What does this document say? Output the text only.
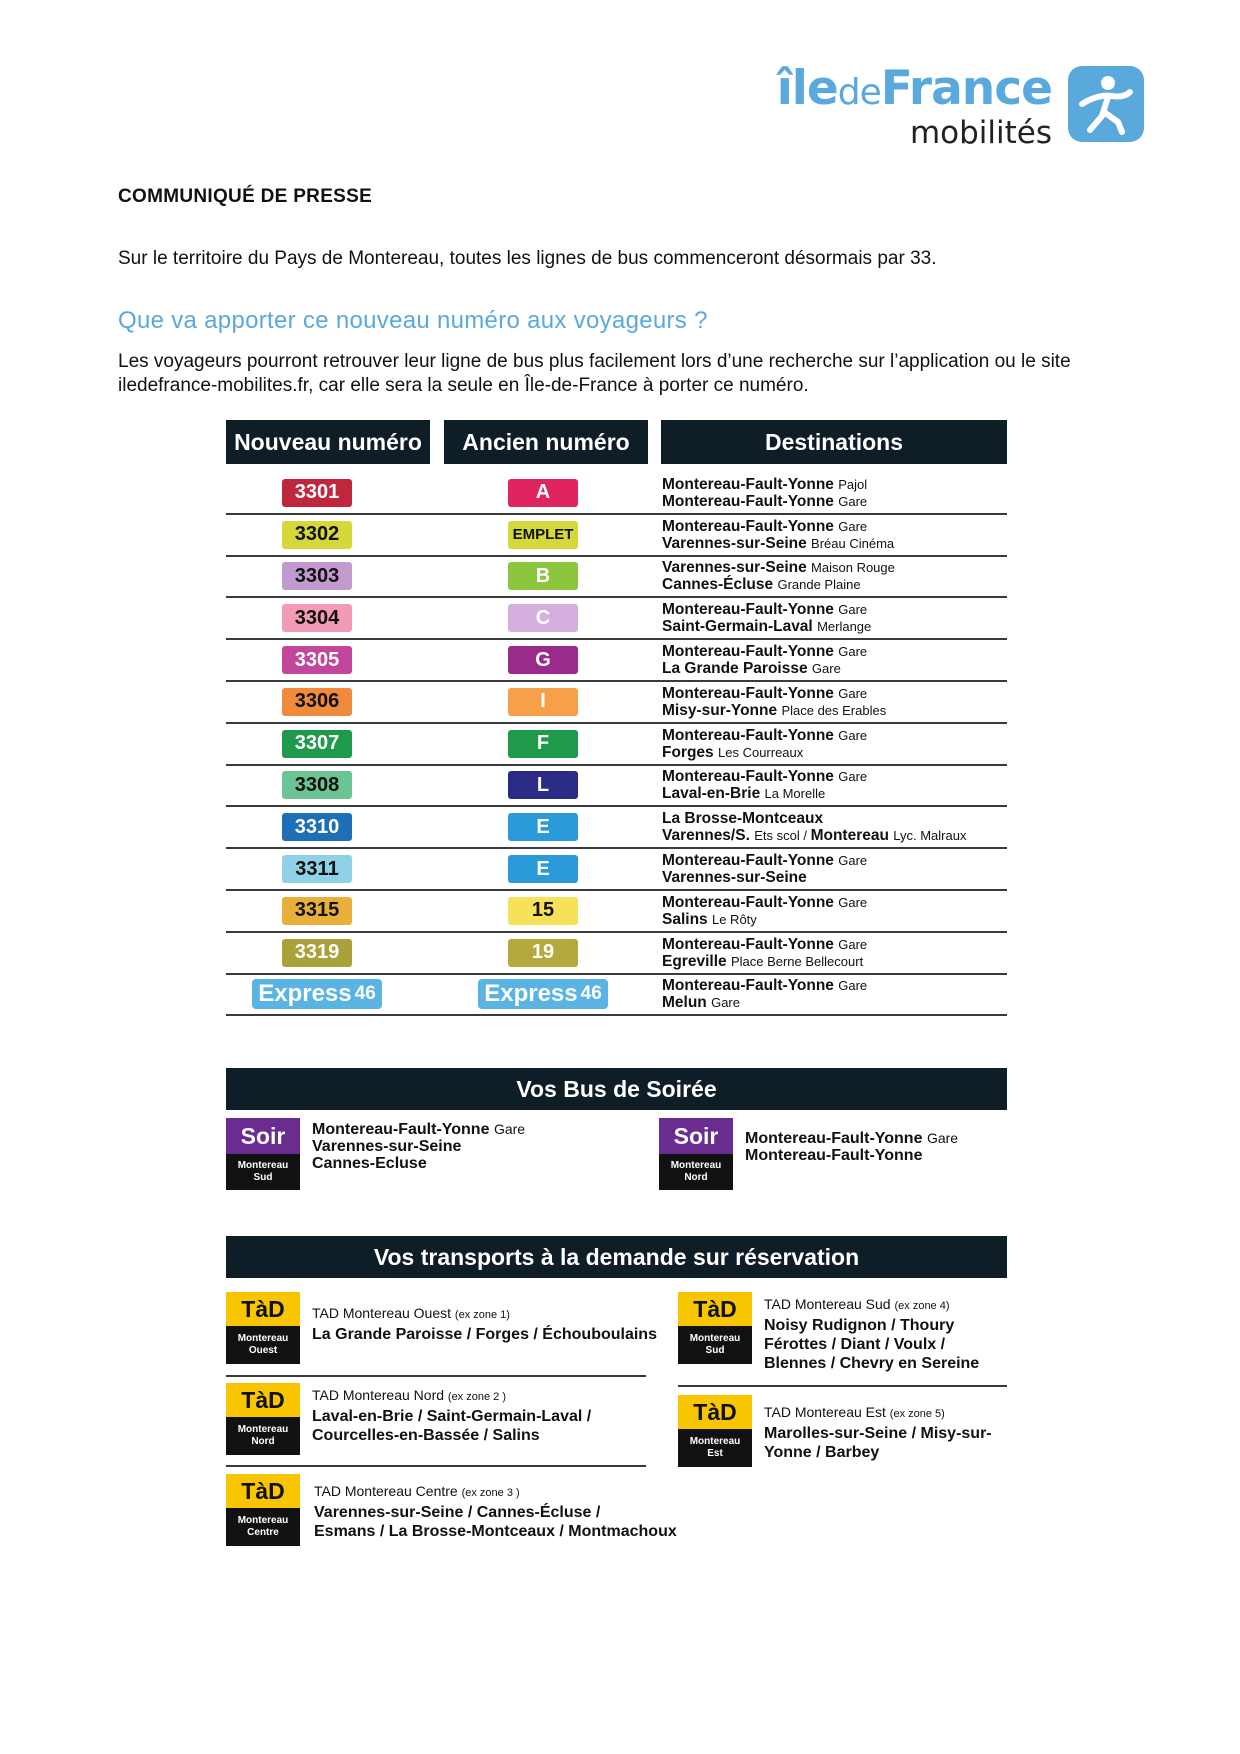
îledeFrance
mobilités
COMMUNIQUÉ DE PRESSE
Sur le territoire du Pays de Montereau, toutes les lignes de bus commenceront désormais par 33.
Que va apporter ce nouveau numéro aux voyageurs ?
Les voyageurs pourront retrouver leur ligne de bus plus facilement lors d’une recherche sur l’application ou le site iledefrance-mobilites.fr, car elle sera la seule en Île-de-France à porter ce numéro.
Nouveau numéro	Ancien numéro	Destinations
3301	A	Montereau-Fault-Yonne Pajol
Montereau-Fault-Yonne Gare
3302	EMPLET	Montereau-Fault-Yonne Gare
Varennes-sur-Seine Bréau Cinéma
3303	B	Varennes-sur-Seine Maison Rouge
Cannes-Écluse Grande Plaine
3304	C	Montereau-Fault-Yonne Gare
Saint-Germain-Laval Merlange
3305	G	Montereau-Fault-Yonne Gare
La Grande Paroisse Gare
3306	I	Montereau-Fault-Yonne Gare
Misy-sur-Yonne Place des Erables
3307	F	Montereau-Fault-Yonne Gare
Forges Les Courreaux
3308	L	Montereau-Fault-Yonne Gare
Laval-en-Brie La Morelle
3310	E	La Brosse-Montceaux
Varennes/S. Ets scol / Montereau Lyc. Malraux
3311	E	Montereau-Fault-Yonne Gare
Varennes-sur-Seine
3315	15	Montereau-Fault-Yonne Gare
Salins Le Rôty
3319	19	Montereau-Fault-Yonne Gare
Egreville Place Berne Bellecourt
Express 46	Express 46	Montereau-Fault-Yonne Gare
Melun Gare
Vos Bus de Soirée
Soir
Montereau
Sud
Montereau-Fault-Yonne Gare
Varennes-sur-Seine
Cannes-Ecluse
Soir
Montereau
Nord
Montereau-Fault-Yonne Gare
Montereau-Fault-Yonne
Vos transports à la demande sur réservation
TàD
Montereau
Ouest
TAD Montereau Ouest (ex zone 1)
La Grande Paroisse / Forges / Échouboulains
TàD
Montereau
Sud
TAD Montereau Sud (ex zone 4)
Noisy Rudignon / Thoury
Férottes / Diant / Voulx /
Blennes / Chevry en Sereine
TàD
Montereau
Nord
TAD Montereau Nord (ex zone 2 )
Laval-en-Brie / Saint-Germain-Laval /
Courcelles-en-Bassée / Salins
TàD
Montereau
Est
TAD Montereau Est (ex zone 5)
Marolles-sur-Seine / Misy-sur-
Yonne / Barbey
TàD
Montereau
Centre
TAD Montereau Centre (ex zone 3 )
Varennes-sur-Seine / Cannes-Écluse /
Esmans / La Brosse-Montceaux / Montmachoux
